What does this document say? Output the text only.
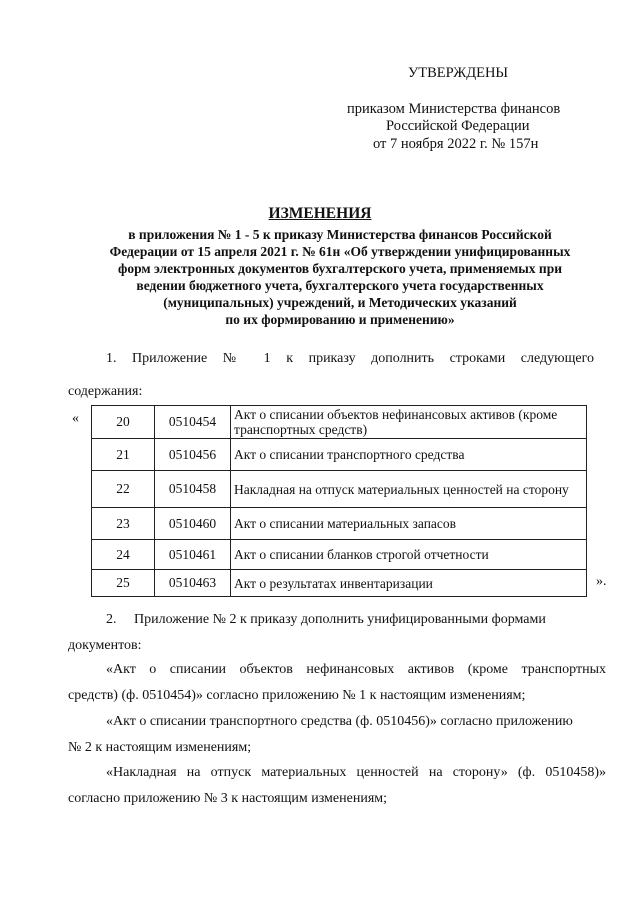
УТВЕРЖДЕНЫ
приказом Министерства финансов
Российской Федерации
от 7 ноября 2022 г. № 157н
ИЗМЕНЕНИЯ
в приложения № 1 - 5 к приказу Министерства финансов Российской
Федерации от 15 апреля 2021 г. № 61н «Об утверждении унифицированных
форм электронных документов бухгалтерского учета, применяемых при
ведении бюджетного учета, бухгалтерского учета государственных
(муниципальных) учреждений, и Методических указаний
по их формированию и применению»
1. Приложение № 1 к приказу дополнить строками следующего
содержания:
«	20	0510454	Акт о списании объектов нефинансовых активов (кроме транспортных средств)
21	0510456	Акт о списании транспортного средства
22	0510458	Накладная на отпуск материальных ценностей на сторону
23	0510460	Акт о списании материальных запасов
24	0510461	Акт о списании бланков строгой отчетности
25	0510463	Акт о результатах инвентаризации	».
2.     Приложение № 2 к приказу дополнить унифицированными формами
документов:
«Акт о списании объектов нефинансовых активов (кроме транспортных
средств) (ф. 0510454)» согласно приложению № 1 к настоящим изменениям;
«Акт о списании транспортного средства (ф. 0510456)» согласно приложению
№ 2 к настоящим изменениям;
«Накладная на отпуск материальных ценностей на сторону» (ф. 0510458)»
согласно приложению № 3 к настоящим изменениям;
